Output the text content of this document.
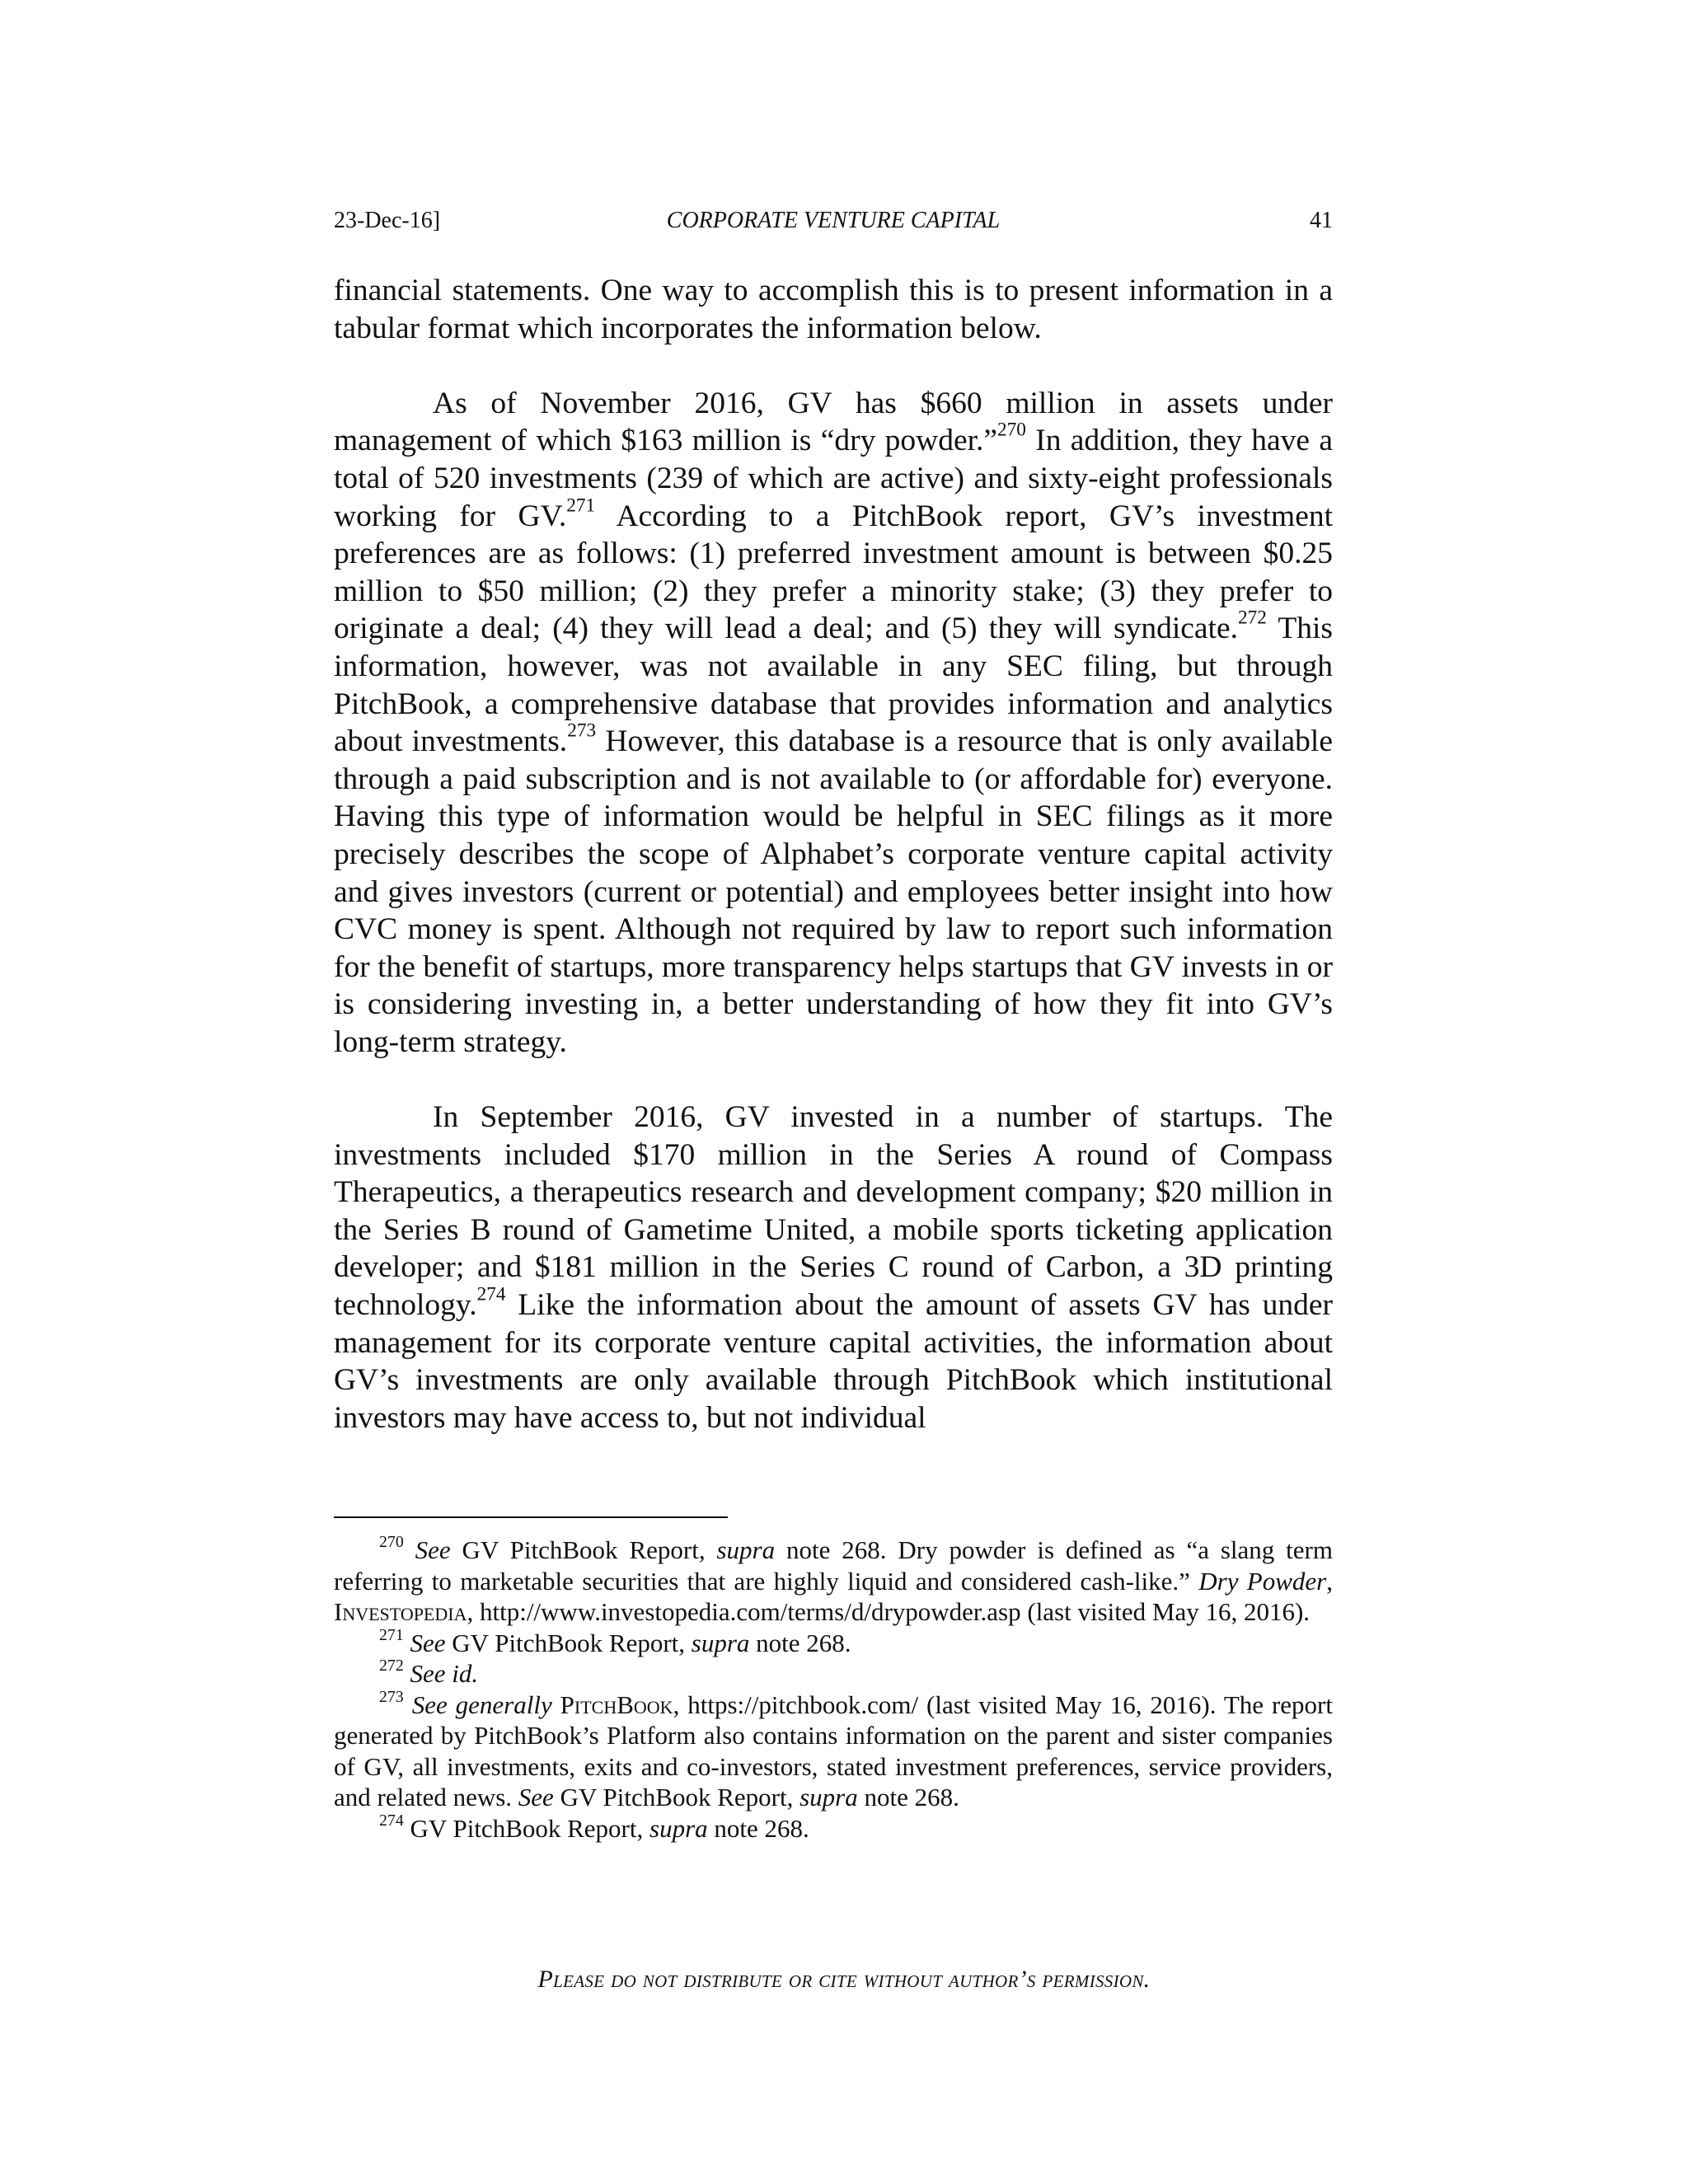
23-Dec-16]	CORPORATE VENTURE CAPITAL	41

financial statements. One way to accomplish this is to present information in a tabular format which incorporates the information below.

As of November 2016, GV has $660 million in assets under management of which $163 million is “dry powder.”$^{270}$ In addition, they have a total of 520 investments (239 of which are active) and sixty-eight professionals working for GV.$^{271}$ According to a PitchBook report, GV’s investment preferences are as follows: (1) preferred investment amount is between $0.25 million to $50 million; (2) they prefer a minority stake; (3) they prefer to originate a deal; (4) they will lead a deal; and (5) they will syndicate.$^{272}$ This information, however, was not available in any SEC filing, but through PitchBook, a comprehensive database that provides information and analytics about investments.$^{273}$ However, this database is a resource that is only available through a paid subscription and is not available to (or affordable for) everyone. Having this type of information would be helpful in SEC filings as it more precisely describes the scope of Alphabet’s corporate venture capital activity and gives investors (current or potential) and employees better insight into how CVC money is spent. Although not required by law to report such information for the benefit of startups, more transparency helps startups that GV invests in or is considering investing in, a better understanding of how they fit into GV’s long-term strategy.

In September 2016, GV invested in a number of startups. The investments included $170 million in the Series A round of Compass Therapeutics, a therapeutics research and development company; $20 million in the Series B round of Gametime United, a mobile sports ticketing application developer; and $181 million in the Series C round of Carbon, a 3D printing technology.$^{274}$ Like the information about the amount of assets GV has under management for its corporate venture capital activities, the information about GV’s investments are only available through PitchBook which institutional investors may have access to, but not individual

$^{270}$ See GV PitchBook Report, supra note 268. Dry powder is defined as “a slang term referring to marketable securities that are highly liquid and considered cash-like.” Dry Powder, Investopedia, http://www.investopedia.com/terms/d/drypowder.asp (last visited May 16, 2016).

$^{271}$ See GV PitchBook Report, supra note 268.

$^{272}$ See id.

$^{273}$ See generally PitchBook, https://pitchbook.com/ (last visited May 16, 2016). The report generated by PitchBook’s Platform also contains information on the parent and sister companies of GV, all investments, exits and co-investors, stated investment preferences, service providers, and related news. See GV PitchBook Report, supra note 268.

$^{274}$ GV PitchBook Report, supra note 268.

Please do not distribute or cite without author’s permission.
